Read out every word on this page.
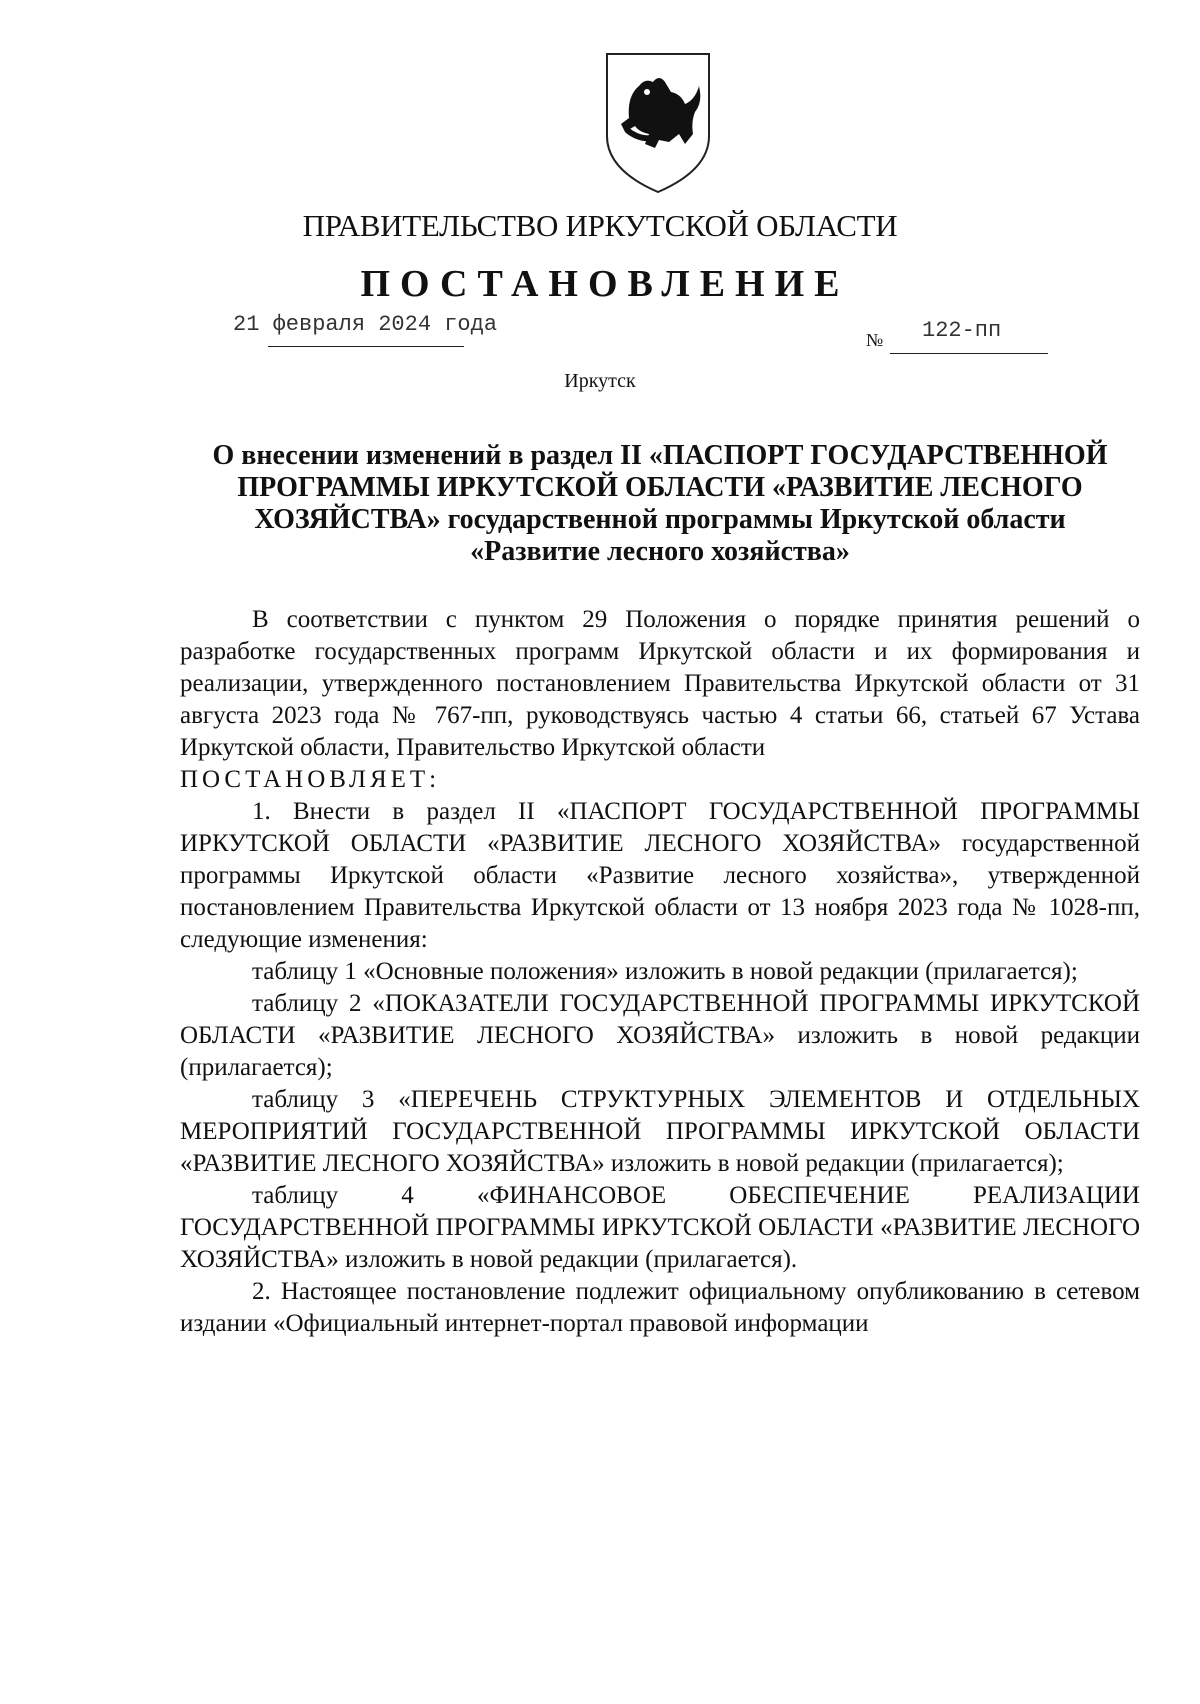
ПРАВИТЕЛЬСТВО ИРКУТСКОЙ ОБЛАСТИ
ПОСТАНОВЛЕНИЕ
21 февраля 2024 года
№ 122-пп
Иркутск
О внесении изменений в раздел II «ПАСПОРТ ГОСУДАРСТВЕННОЙ ПРОГРАММЫ ИРКУТСКОЙ ОБЛАСТИ «РАЗВИТИЕ ЛЕСНОГО ХОЗЯЙСТВА» государственной программы Иркутской области «Развитие лесного хозяйства»

В соответствии с пунктом 29 Положения о порядке принятия решений о разработке государственных программ Иркутской области и их формирования и реализации, утвержденного постановлением Правительства Иркутской области от 31 августа 2023 года № 767-пп, руководствуясь частью 4 статьи 66, статьей 67 Устава Иркутской области, Правительство Иркутской области

ПОСТАНОВЛЯЕТ:

1. Внести в раздел II «ПАСПОРТ ГОСУДАРСТВЕННОЙ ПРОГРАММЫ ИРКУТСКОЙ ОБЛАСТИ «РАЗВИТИЕ ЛЕСНОГО ХОЗЯЙСТВА» государственной программы Иркутской области «Развитие лесного хозяйства», утвержденной постановлением Правительства Иркутской области от 13 ноября 2023 года № 1028-пп, следующие изменения:

таблицу 1 «Основные положения» изложить в новой редакции (прилагается);

таблицу 2 «ПОКАЗАТЕЛИ ГОСУДАРСТВЕННОЙ ПРОГРАММЫ ИРКУТСКОЙ ОБЛАСТИ «РАЗВИТИЕ ЛЕСНОГО ХОЗЯЙСТВА» изложить в новой редакции (прилагается);

таблицу 3 «ПЕРЕЧЕНЬ СТРУКТУРНЫХ ЭЛЕМЕНТОВ И ОТДЕЛЬНЫХ МЕРОПРИЯТИЙ ГОСУДАРСТВЕННОЙ ПРОГРАММЫ ИРКУТСКОЙ ОБЛАСТИ «РАЗВИТИЕ ЛЕСНОГО ХОЗЯЙСТВА» изложить в новой редакции (прилагается);

таблицу 4 «ФИНАНСОВОЕ ОБЕСПЕЧЕНИЕ РЕАЛИЗАЦИИ ГОСУДАРСТВЕННОЙ ПРОГРАММЫ ИРКУТСКОЙ ОБЛАСТИ «РАЗВИТИЕ ЛЕСНОГО ХОЗЯЙСТВА» изложить в новой редакции (прилагается).

2. Настоящее постановление подлежит официальному опубликованию в сетевом издании «Официальный интернет-портал правовой информации
